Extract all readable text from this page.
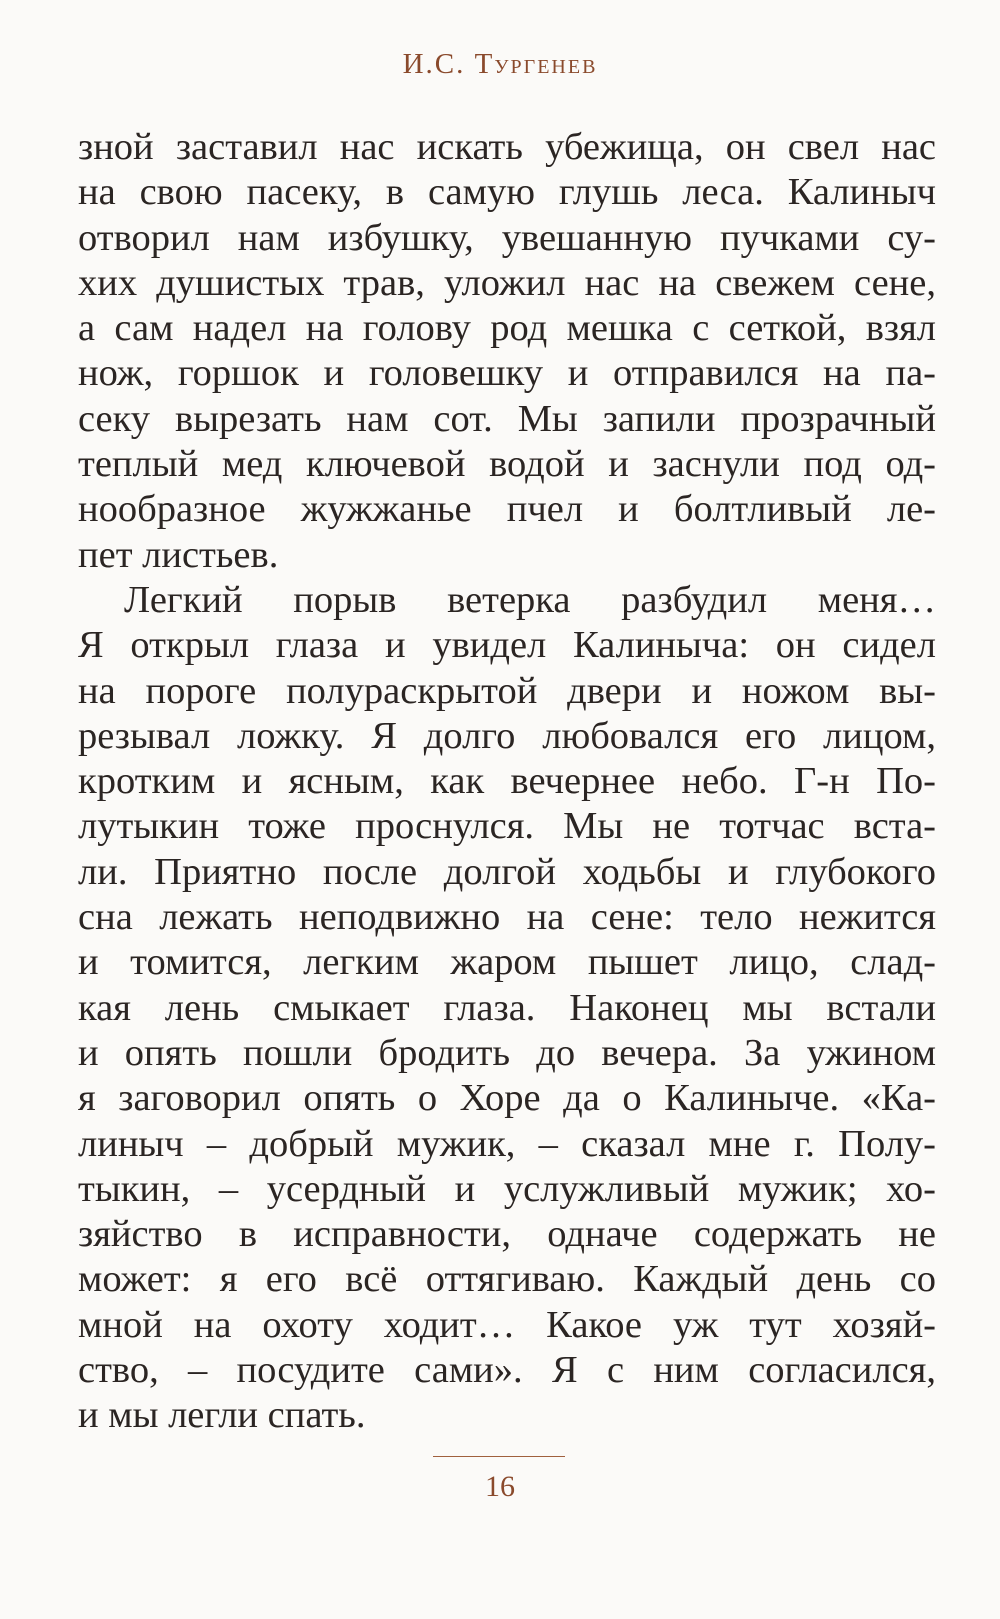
И.С. Тургенев
зной заставил нас искать убежища, он свел нас
на свою пасеку, в самую глушь леса. Калиныч
отворил нам избушку, увешанную пучками су-
хих душистых трав, уложил нас на свежем сене,
а сам надел на голову род мешка с сеткой, взял
нож, горшок и головешку и отправился на па-
секу вырезать нам сот. Мы запили прозрачный
теплый мед ключевой водой и заснули под од-
нообразное жужжанье пчел и болтливый ле-
пет листьев.
Легкий порыв ветерка разбудил меня…
Я открыл глаза и увидел Калиныча: он сидел
на пороге полураскрытой двери и ножом вы-
резывал ложку. Я долго любовался его лицом,
кротким и ясным, как вечернее небо. Г-н По-
лутыкин тоже проснулся. Мы не тотчас вста-
ли. Приятно после долгой ходьбы и глубокого
сна лежать неподвижно на сене: тело нежится
и томится, легким жаром пышет лицо, слад-
кая лень смыкает глаза. Наконец мы встали
и опять пошли бродить до вечера. За ужином
я заговорил опять о Хоре да о Калиныче. «Ка-
линыч – добрый мужик, – сказал мне г. Полу-
тыкин, – усердный и услужливый мужик; хо-
зяйство в исправности, одначе содержать не
может: я его всё оттягиваю. Каждый день со
мной на охоту ходит… Какое уж тут хозяй-
ство, – посудите сами». Я с ним согласился,
и мы легли спать.
16
